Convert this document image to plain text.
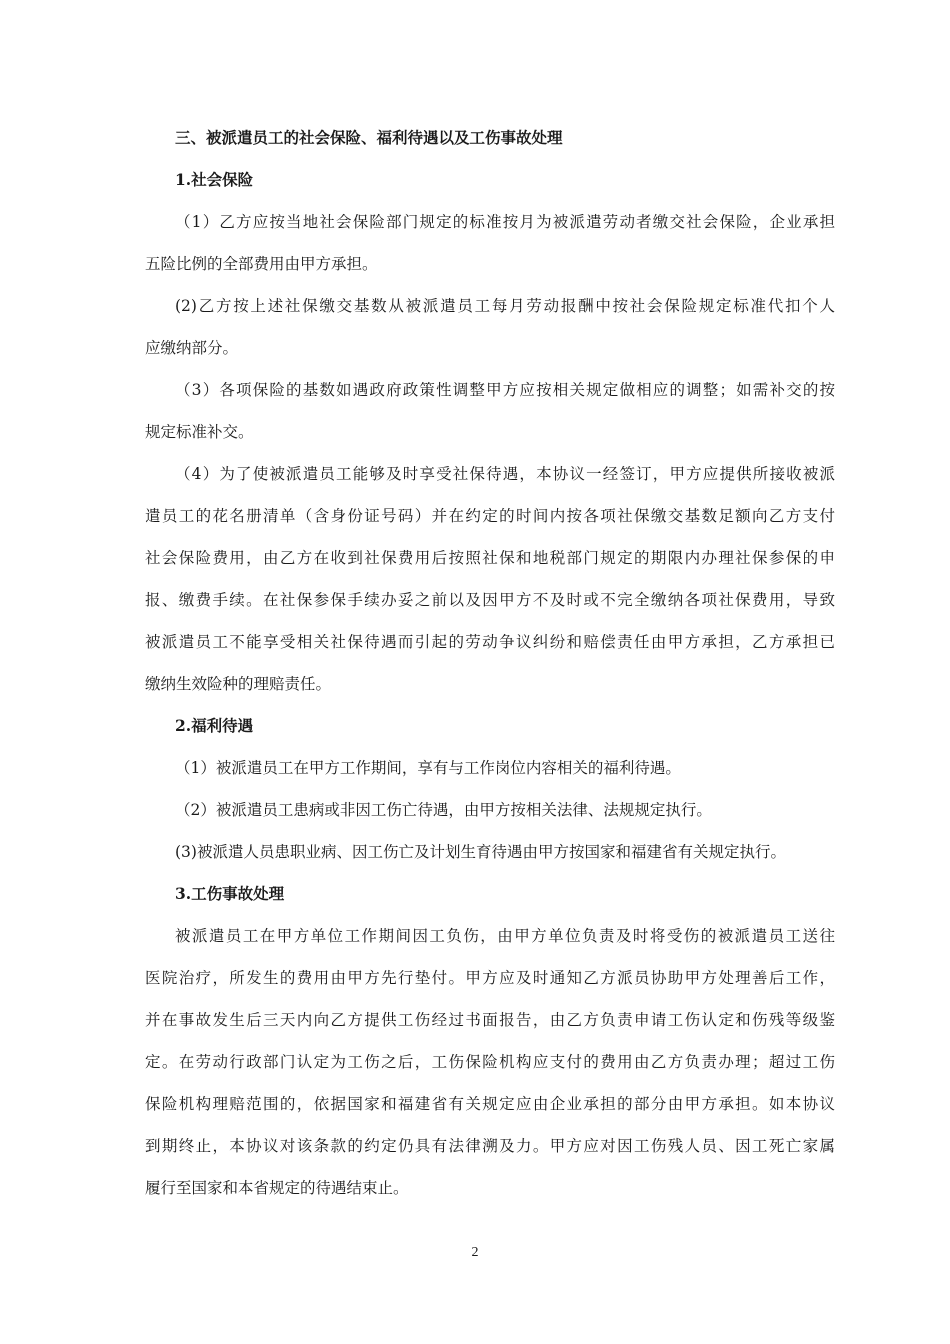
三、被派遣员工的社会保险、福利待遇以及工伤事故处理
1.社会保险
（1）乙方应按当地社会保险部门规定的标准按月为被派遣劳动者缴交社会保险，企业承担
五险比例的全部费用由甲方承担。
(2)乙方按上述社保缴交基数从被派遣员工每月劳动报酬中按社会保险规定标准代扣个人
应缴纳部分。
（3）各项保险的基数如遇政府政策性调整甲方应按相关规定做相应的调整；如需补交的按
规定标准补交。
（4）为了使被派遣员工能够及时享受社保待遇，本协议一经签订，甲方应提供所接收被派
遣员工的花名册清单（含身份证号码）并在约定的时间内按各项社保缴交基数足额向乙方支付
社会保险费用，由乙方在收到社保费用后按照社保和地税部门规定的期限内办理社保参保的申
报、缴费手续。在社保参保手续办妥之前以及因甲方不及时或不完全缴纳各项社保费用，导致
被派遣员工不能享受相关社保待遇而引起的劳动争议纠纷和赔偿责任由甲方承担，乙方承担已
缴纳生效险种的理赔责任。
2.福利待遇
（1）被派遣员工在甲方工作期间，享有与工作岗位内容相关的福利待遇。
（2）被派遣员工患病或非因工伤亡待遇，由甲方按相关法律、法规规定执行。
(3)被派遣人员患职业病、因工伤亡及计划生育待遇由甲方按国家和福建省有关规定执行。
3.工伤事故处理
被派遣员工在甲方单位工作期间因工负伤，由甲方单位负责及时将受伤的被派遣员工送往
医院治疗，所发生的费用由甲方先行垫付。甲方应及时通知乙方派员协助甲方处理善后工作，
并在事故发生后三天内向乙方提供工伤经过书面报告，由乙方负责申请工伤认定和伤残等级鉴
定。在劳动行政部门认定为工伤之后，工伤保险机构应支付的费用由乙方负责办理；超过工伤
保险机构理赔范围的，依据国家和福建省有关规定应由企业承担的部分由甲方承担。如本协议
到期终止，本协议对该条款的约定仍具有法律溯及力。甲方应对因工伤残人员、因工死亡家属
履行至国家和本省规定的待遇结束止。
2
